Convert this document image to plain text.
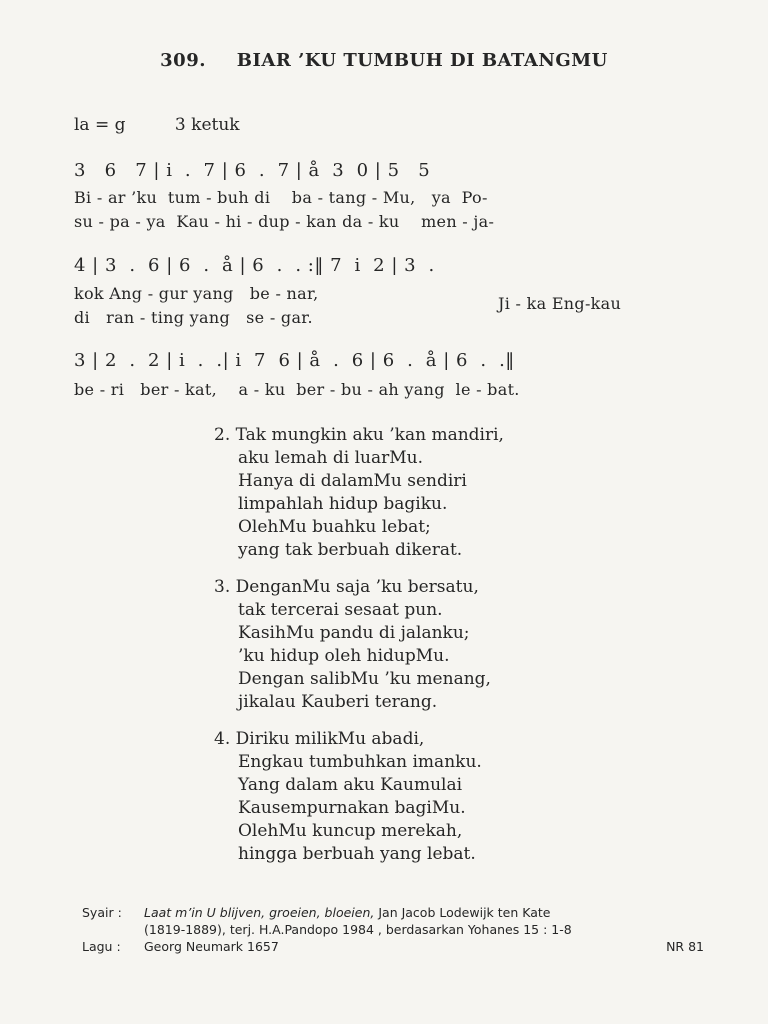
309. BIAR ’KU TUMBUH DI BATANGMU
la = g	3 ketuk
3   6   7 | i  .  7 | 6  .  7 | å  3  0 | 5   5
Bi - ar ’ku  tum - buh di    ba - tang - Mu,   ya  Po-
su - pa - ya  Kau - hi - dup - kan da - ku    men - ja-
4 | 3  .  6 | 6  .  å | 6  .  . :‖ 7  i  2 | 3  .
kok Ang - gur yang   be - nar,
di   ran - ting yang   se - gar.
Ji - ka Eng-kau
3 | 2  .  2 | i  .  .| i  7  6 | å  .  6 | 6  .  å | 6  .  .‖
be - ri   ber - kat,    a - ku  ber - bu - ah yang  le - bat.
2. Tak mungkin aku ’kan mandiri,
aku lemah di luarMu.
Hanya di dalamMu sendiri
limpahlah hidup bagiku.
OlehMu buahku lebat;
yang tak berbuah dikerat.
3. DenganMu saja ’ku bersatu,
tak tercerai sesaat pun.
KasihMu pandu di jalanku;
’ku hidup oleh hidupMu.
Dengan salibMu ’ku menang,
jikalau Kauberi terang.
4. Diriku milikMu abadi,
Engkau tumbuhkan imanku.
Yang dalam aku Kaumulai
Kausempurnakan bagiMu.
OlehMu kuncup merekah,
hingga berbuah yang lebat.
Syair :	Laat m’in U blijven, groeien, bloeien, Jan Jacob Lodewijk ten Kate
(1819-1889), terj. H.A.Pandopo 1984 , berdasarkan Yohanes 15 : 1-8
Lagu :	Georg Neumark 1657	NR 81
